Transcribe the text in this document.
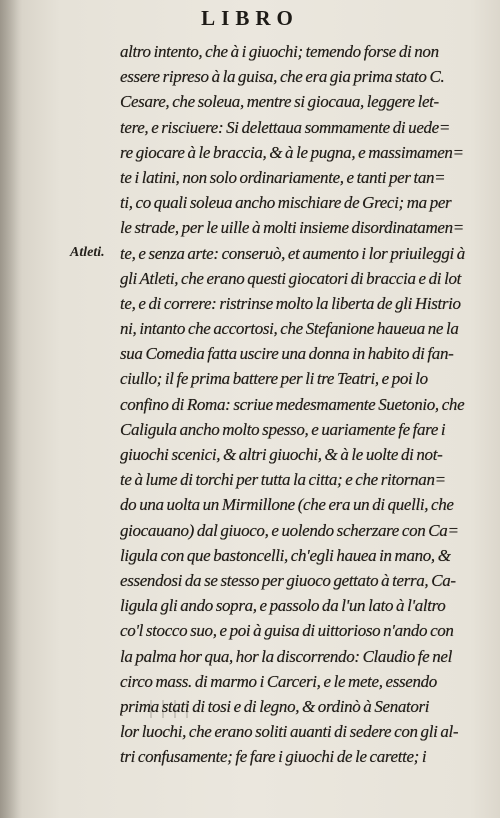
LIBRO
Atleti.
altro intento, che à i giuochi; temendo forse di non
essere ripreso à la guisa, che era gia prima stato C.
Cesare, che soleua, mentre si giocaua, leggere let-
tere, e risciuere: Si delettaua sommamente di uede=
re giocare à le braccia, & à le pugna, e massimamen=
te i latini, non solo ordinariamente, e tanti per tan=
ti, co quali soleua ancho mischiare de Greci; ma per
le strade, per le uille à molti insieme disordinatamen=
te, e senza arte: conseruò, et aumento i lor priuileggi à
gli Atleti, che erano questi giocatori di braccia e di lot
te, e di correre: ristrinse molto la liberta de gli Histrio
ni, intanto che accortosi, che Stefanione haueua ne la
sua Comedia fatta uscire una donna in habito di fan-
ciullo; il fe prima battere per li tre Teatri, e poi lo
confino di Roma: scriue medesmamente Suetonio, che
Caligula ancho molto spesso, e uariamente fe fare i
giuochi scenici, & altri giuochi, & à le uolte di not-
te à lume di torchi per tutta la citta; e che ritornan=
do una uolta un Mirmillone (che era un di quelli, che
giocauano) dal giuoco, e uolendo scherzare con Ca=
ligula con que bastoncelli, ch'egli hauea in mano, &
essendosi da se stesso per giuoco gettato à terra, Ca-
ligula gli ando sopra, e passolo da l'un lato à l'altro
co'l stocco suo, e poi à guisa di uittorioso n'ando con
la palma hor qua, hor la discorrendo: Claudio fe nel
circo mass. di marmo i Carceri, e le mete, essendo
prima stati di tosi e di legno, & ordinò à Senatori
lor luochi, che erano soliti auanti di sedere con gli al-
tri confusamente; fe fare i giuochi de le carette; i
